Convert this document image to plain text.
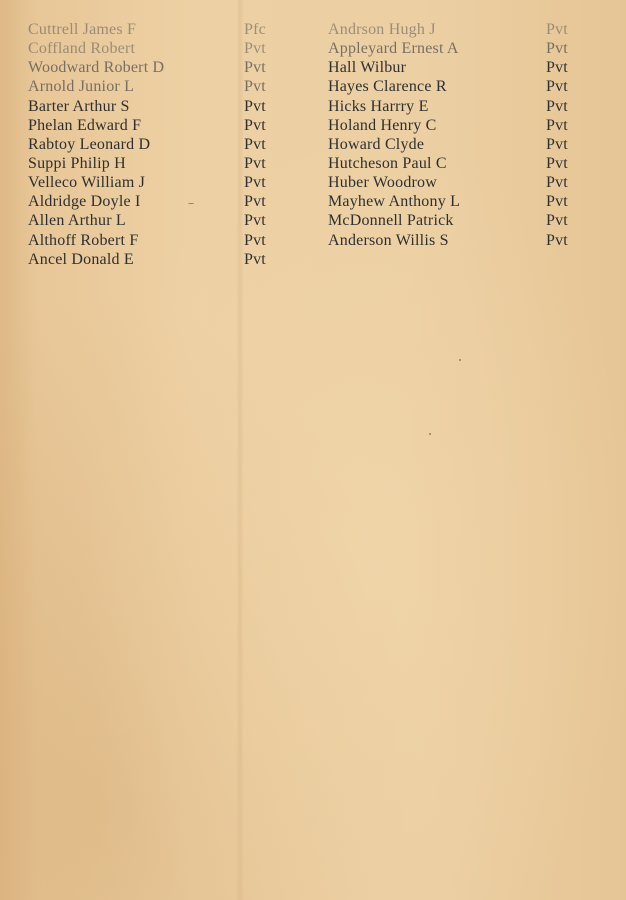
Cuttrell James F	Pfc
Coffland Robert	Pvt
Woodward Robert D	Pvt
Arnold Junior L	Pvt
Barter Arthur S	Pvt
Phelan Edward F	Pvt
Rabtoy Leonard D	Pvt
Suppi Philip H	Pvt
Velleco William J	Pvt
Aldridge Doyle I	Pvt
Allen Arthur L	Pvt
Althoff Robert F	Pvt
Ancel Donald E	Pvt
Andrson Hugh J	Pvt
Appleyard Ernest A	Pvt
Hall Wilbur	Pvt
Hayes Clarence R	Pvt
Hicks Harrry E	Pvt
Holand Henry C	Pvt
Howard Clyde	Pvt
Hutcheson Paul C	Pvt
Huber Woodrow	Pvt
Mayhew Anthony L	Pvt
McDonnell Patrick	Pvt
Anderson Willis S	Pvt
